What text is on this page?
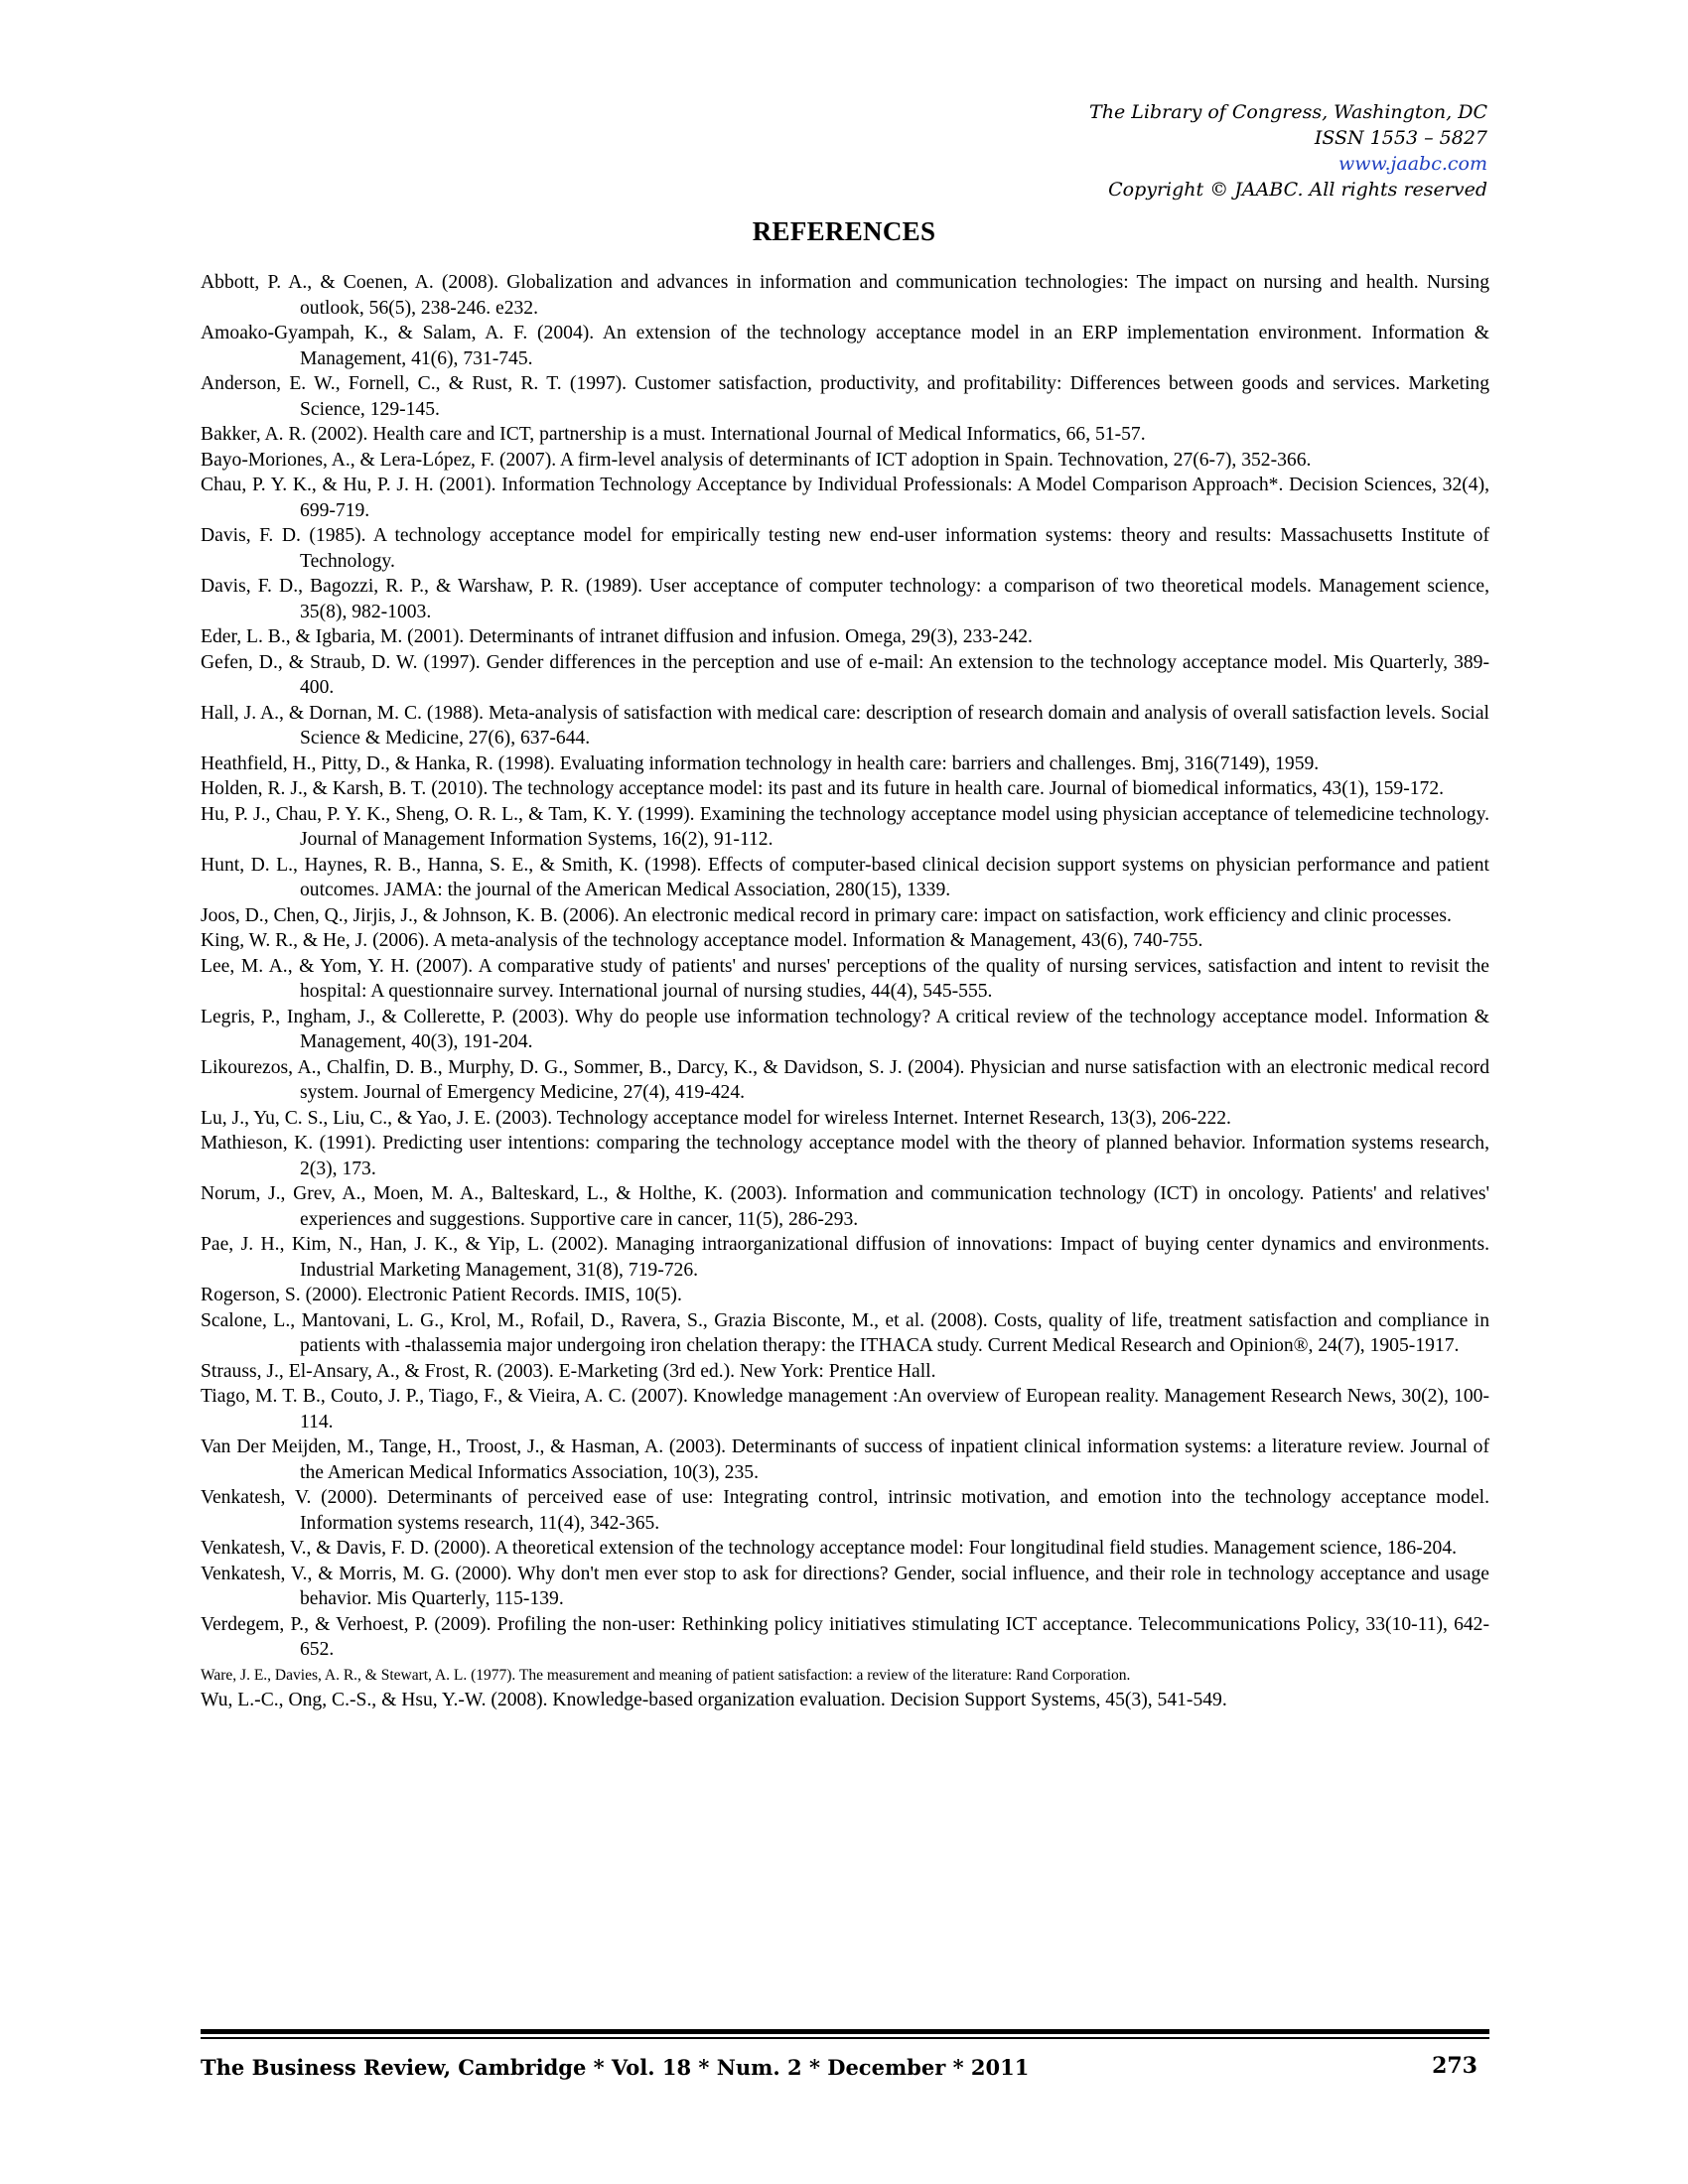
The Library of Congress, Washington, DC
ISSN 1553 – 5827
www.jaabc.com
Copyright © JAABC. All rights reserved
REFERENCES

Abbott, P. A., & Coenen, A. (2008). Globalization and advances in information and communication technologies: The impact on nursing and health. Nursing outlook, 56(5), 238-246. e232.

Amoako-Gyampah, K., & Salam, A. F. (2004). An extension of the technology acceptance model in an ERP implementation environment. Information & Management, 41(6), 731-745.

Anderson, E. W., Fornell, C., & Rust, R. T. (1997). Customer satisfaction, productivity, and profitability: Differences between goods and services. Marketing Science, 129-145.

Bakker, A. R. (2002). Health care and ICT, partnership is a must. International Journal of Medical Informatics, 66, 51-57.

Bayo-Moriones, A., & Lera-López, F. (2007). A firm-level analysis of determinants of ICT adoption in Spain. Technovation, 27(6-7), 352-366.

Chau, P. Y. K., & Hu, P. J. H. (2001). Information Technology Acceptance by Individual Professionals: A Model Comparison Approach*. Decision Sciences, 32(4), 699-719.

Davis, F. D. (1985). A technology acceptance model for empirically testing new end-user information systems: theory and results: Massachusetts Institute of Technology.

Davis, F. D., Bagozzi, R. P., & Warshaw, P. R. (1989). User acceptance of computer technology: a comparison of two theoretical models. Management science, 35(8), 982-1003.

Eder, L. B., & Igbaria, M. (2001). Determinants of intranet diffusion and infusion. Omega, 29(3), 233-242.

Gefen, D., & Straub, D. W. (1997). Gender differences in the perception and use of e-mail: An extension to the technology acceptance model. Mis Quarterly, 389-400.

Hall, J. A., & Dornan, M. C. (1988). Meta-analysis of satisfaction with medical care: description of research domain and analysis of overall satisfaction levels. Social Science & Medicine, 27(6), 637-644.

Heathfield, H., Pitty, D., & Hanka, R. (1998). Evaluating information technology in health care: barriers and challenges. Bmj, 316(7149), 1959.

Holden, R. J., & Karsh, B. T. (2010). The technology acceptance model: its past and its future in health care. Journal of biomedical informatics, 43(1), 159-172.

Hu, P. J., Chau, P. Y. K., Sheng, O. R. L., & Tam, K. Y. (1999). Examining the technology acceptance model using physician acceptance of telemedicine technology. Journal of Management Information Systems, 16(2), 91-112.

Hunt, D. L., Haynes, R. B., Hanna, S. E., & Smith, K. (1998). Effects of computer-based clinical decision support systems on physician performance and patient outcomes. JAMA: the journal of the American Medical Association, 280(15), 1339.

Joos, D., Chen, Q., Jirjis, J., & Johnson, K. B. (2006). An electronic medical record in primary care: impact on satisfaction, work efficiency and clinic processes.

King, W. R., & He, J. (2006). A meta-analysis of the technology acceptance model. Information & Management, 43(6), 740-755.

Lee, M. A., & Yom, Y. H. (2007). A comparative study of patients' and nurses' perceptions of the quality of nursing services, satisfaction and intent to revisit the hospital: A questionnaire survey. International journal of nursing studies, 44(4), 545-555.

Legris, P., Ingham, J., & Collerette, P. (2003). Why do people use information technology? A critical review of the technology acceptance model. Information & Management, 40(3), 191-204.

Likourezos, A., Chalfin, D. B., Murphy, D. G., Sommer, B., Darcy, K., & Davidson, S. J. (2004). Physician and nurse satisfaction with an electronic medical record system. Journal of Emergency Medicine, 27(4), 419-424.

Lu, J., Yu, C. S., Liu, C., & Yao, J. E. (2003). Technology acceptance model for wireless Internet. Internet Research, 13(3), 206-222.

Mathieson, K. (1991). Predicting user intentions: comparing the technology acceptance model with the theory of planned behavior. Information systems research, 2(3), 173.

Norum, J., Grev, A., Moen, M. A., Balteskard, L., & Holthe, K. (2003). Information and communication technology (ICT) in oncology. Patients' and relatives' experiences and suggestions. Supportive care in cancer, 11(5), 286-293.

Pae, J. H., Kim, N., Han, J. K., & Yip, L. (2002). Managing intraorganizational diffusion of innovations: Impact of buying center dynamics and environments. Industrial Marketing Management, 31(8), 719-726.

Rogerson, S. (2000). Electronic Patient Records. IMIS, 10(5).

Scalone, L., Mantovani, L. G., Krol, M., Rofail, D., Ravera, S., Grazia Bisconte, M., et al. (2008). Costs, quality of life, treatment satisfaction and compliance in patients with -thalassemia major undergoing iron chelation therapy: the ITHACA study. Current Medical Research and Opinion®, 24(7), 1905-1917.

Strauss, J., El-Ansary, A., & Frost, R. (2003). E-Marketing (3rd ed.). New York: Prentice Hall.

Tiago, M. T. B., Couto, J. P., Tiago, F., & Vieira, A. C. (2007). Knowledge management :An overview of European reality. Management Research News, 30(2), 100-114.

Van Der Meijden, M., Tange, H., Troost, J., & Hasman, A. (2003). Determinants of success of inpatient clinical information systems: a literature review. Journal of the American Medical Informatics Association, 10(3), 235.

Venkatesh, V. (2000). Determinants of perceived ease of use: Integrating control, intrinsic motivation, and emotion into the technology acceptance model. Information systems research, 11(4), 342-365.

Venkatesh, V., & Davis, F. D. (2000). A theoretical extension of the technology acceptance model: Four longitudinal field studies. Management science, 186-204.

Venkatesh, V., & Morris, M. G. (2000). Why don't men ever stop to ask for directions? Gender, social influence, and their role in technology acceptance and usage behavior. Mis Quarterly, 115-139.

Verdegem, P., & Verhoest, P. (2009). Profiling the non-user: Rethinking policy initiatives stimulating ICT acceptance. Telecommunications Policy, 33(10-11), 642-652.

Ware, J. E., Davies, A. R., & Stewart, A. L. (1977). The measurement and meaning of patient satisfaction: a review of the literature: Rand Corporation.

Wu, L.-C., Ong, C.-S., & Hsu, Y.-W. (2008). Knowledge-based organization evaluation. Decision Support Systems, 45(3), 541-549.

The Business Review, Cambridge * Vol. 18 * Num. 2 * December * 2011	273
